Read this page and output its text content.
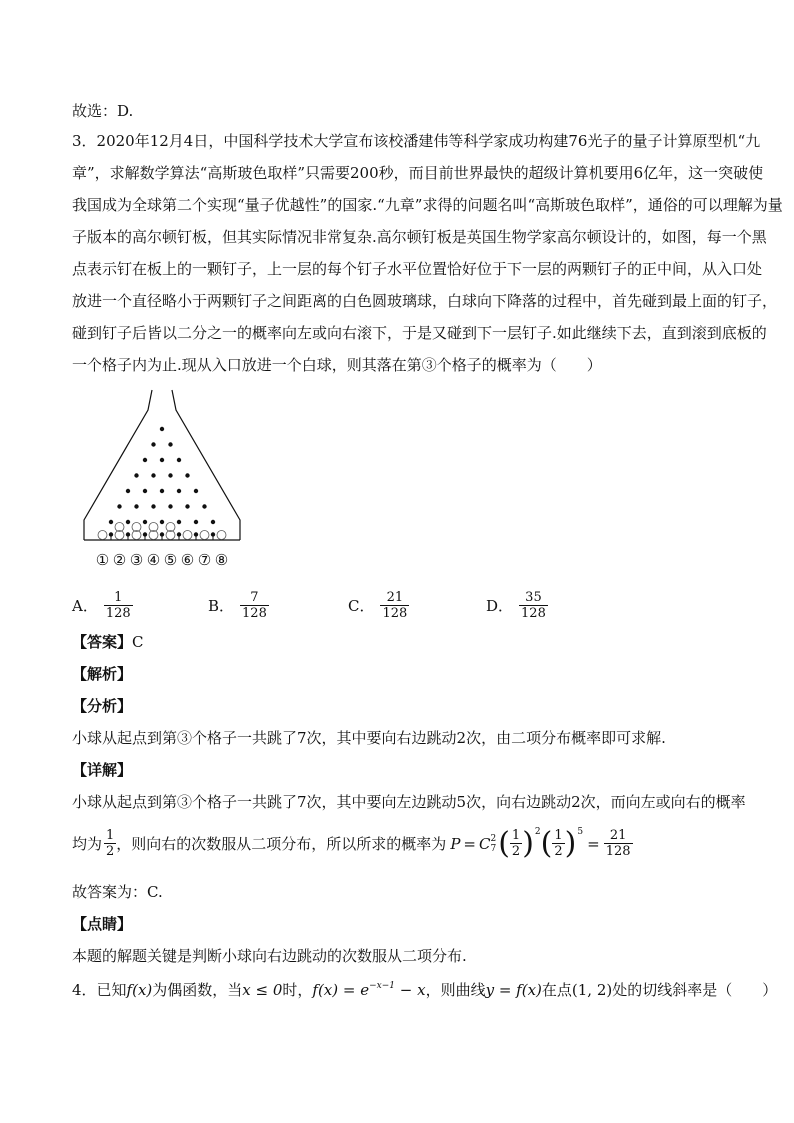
故选：D.
3．2020年12月4日，中国科学技术大学宣布该校潘建伟等科学家成功构建76光子的量子计算原型机“九
章”，求解数学算法“高斯玻色取样”只需要200秒，而目前世界最快的超级计算机要用6亿年，这一突破使
我国成为全球第二个实现“量子优越性”的国家.“九章”求得的问题名叫“高斯玻色取样”，通俗的可以理解为量
子版本的高尔顿钉板，但其实际情况非常复杂.高尔顿钉板是英国生物学家高尔顿设计的，如图，每一个黑
点表示钉在板上的一颗钉子，上一层的每个钉子水平位置恰好位于下一层的两颗钉子的正中间，从入口处
放进一个直径略小于两颗钉子之间距离的白色圆玻璃球，白球向下降落的过程中，首先碰到最上面的钉子，
碰到钉子后皆以二分之一的概率向左或向右滚下，于是又碰到下一层钉子.如此继续下去，直到滚到底板的
一个格子内为止.现从入口放进一个白球，则其落在第③个格子的概率为（　　）
① ② ③ ④ ⑤ ⑥ ⑦ ⑧
A． $\frac{1}{128}$	B． $\frac{7}{128}$	C． $\frac{21}{128}$	D． $\frac{35}{128}$
【答案】C
【解析】
【分析】
小球从起点到第③个格子一共跳了7次，其中要向右边跳动2次，由二项分布概率即可求解.
【详解】
小球从起点到第③个格子一共跳了7次，其中要向左边跳动5次，向右边跳动2次，而向左或向右的概率
均为 $\frac{1}{2}$ ，则向右的次数服从二项分布，所以所求的概率为 P = C 2
7 ( $\frac{1}{2}$ ) 2 ( $\frac{1}{2}$ ) 5
= $\frac{21}{128}$
故答案为：C.
【点睛】
本题的解题关键是判断小球向右边跳动的次数服从二项分布.
4．已知f(x)为偶函数，当x ≤ 0时，$f(x) = e^{-x-1} - x$，则曲线y = f(x)在点(1, 2)处的切线斜率是（　　）
